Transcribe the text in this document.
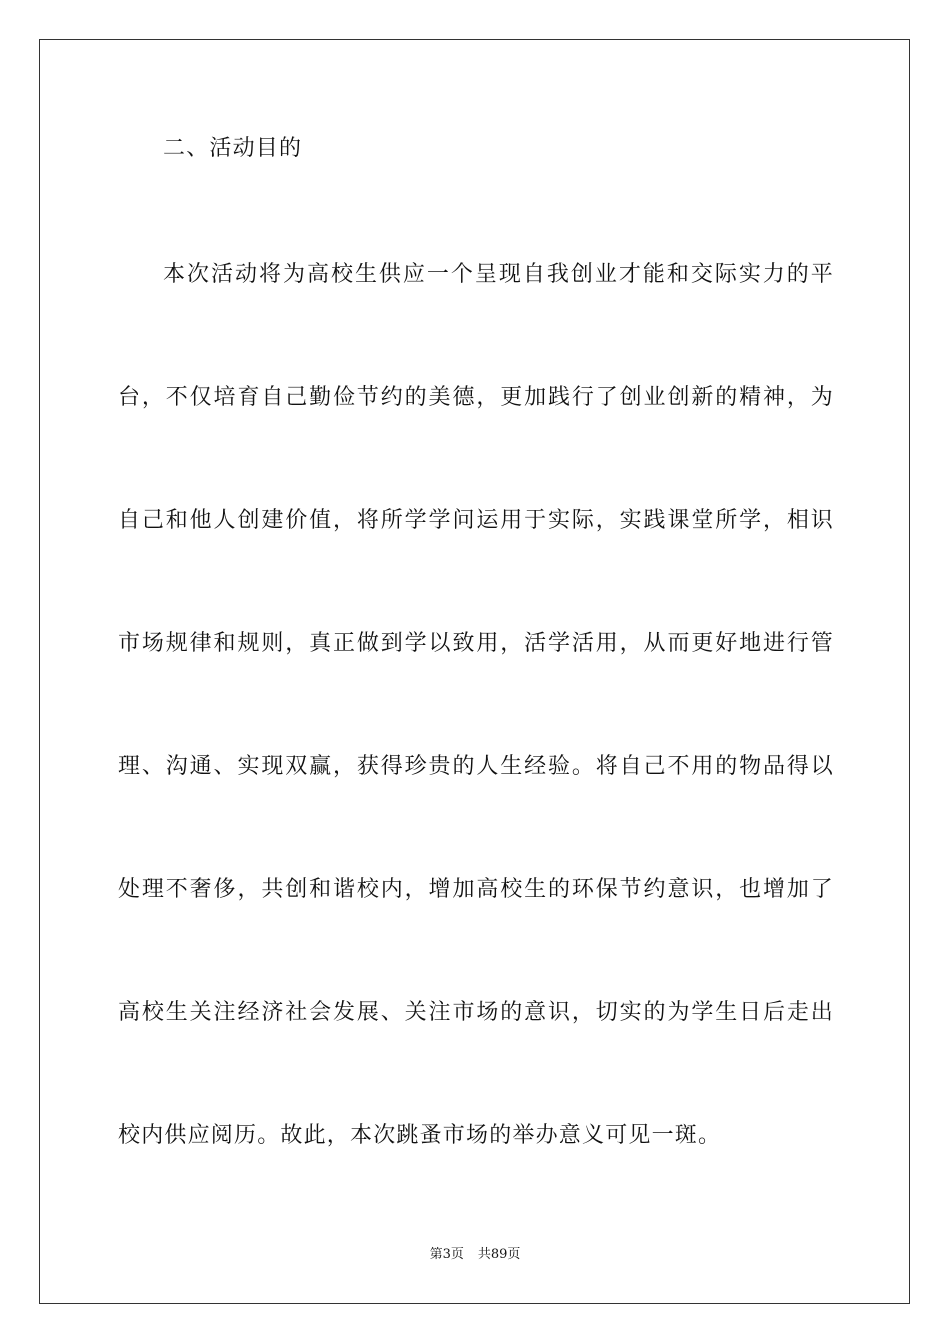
二、活动目的
本次活动将为高校生供应一个呈现自我创业才能和交际实力的平
台，不仅培育自己勤俭节约的美德，更加践行了创业创新的精神，为
自己和他人创建价值，将所学学问运用于实际，实践课堂所学，相识
市场规律和规则，真正做到学以致用，活学活用，从而更好地进行管
理、沟通、实现双赢，获得珍贵的人生经验。将自己不用的物品得以
处理不奢侈，共创和谐校内，增加高校生的环保节约意识，也增加了
高校生关注经济社会发展、关注市场的意识，切实的为学生日后走出
校内供应阅历。故此，本次跳蚤市场的举办意义可见一斑。
第3页 共89页
